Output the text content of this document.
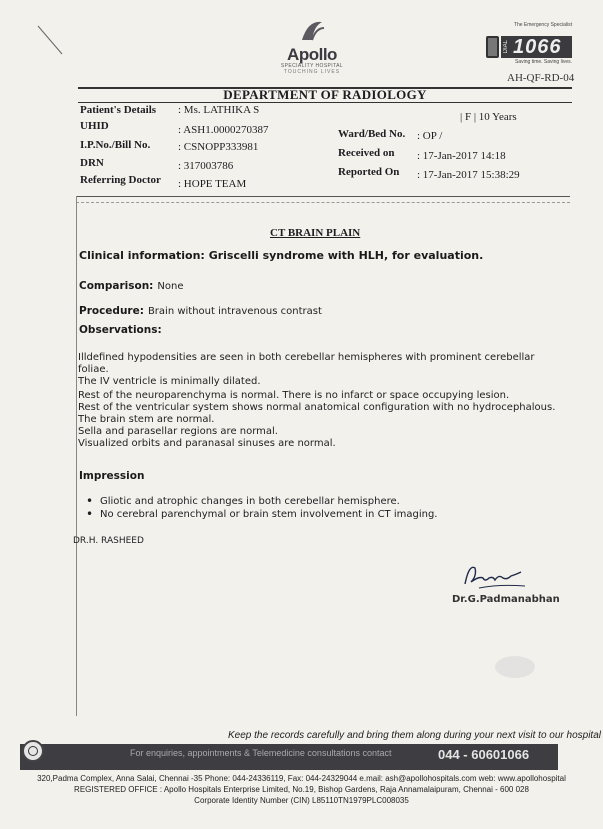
Apollo
SPECIALITY HOSPITAL
TOUCHING LIVES
The Emergency Specialist
DIAL 1066
Saving time. Saving lives.
AH-QF-RD-04
DEPARTMENT OF RADIOLOGY
Patient's Details : Ms. LATHIKA S
UHID	: ASH1.0000270387
I.P.No./Bill No.	: CSNOPP333981
DRN	: 317003786
Referring Doctor : HOPE TEAM
| F | 10 Years
Ward/Bed No. : OP /
Received on : 17-Jan-2017 14:18
Reported On : 17-Jan-2017 15:38:29
CT BRAIN PLAIN
Clinical information: Griscelli syndrome with HLH, for evaluation.
Comparison: None
Procedure: Brain without intravenous contrast
Observations:
Illdefined hypodensities are seen in both cerebellar hemispheres with prominent cerebellar foliae.
The IV ventricle is minimally dilated.
Rest of the neuroparenchyma is normal. There is no infarct or space occupying lesion.
Rest of the ventricular system shows normal anatomical configuration with no hydrocephalous.
The brain stem are normal.
Sella and parasellar regions are normal.
Visualized orbits and paranasal sinuses are normal.
Impression
• Gliotic and atrophic changes in both cerebellar hemisphere.
• No cerebral parenchymal or brain stem involvement in CT imaging.
DR.H. RASHEED
Dr.G.Padmanabhan
Keep the records carefully and bring them along during your next visit to our hospital
For enquiries, appointments & Telemedicine consultations contact	044 - 60601066
320,Padma Complex, Anna Salai, Chennai -35 Phone: 044-24336119, Fax: 044-24329044 e.mail: ash@apollohospitals.com web: www.apollohospital
REGISTERED OFFICE : Apollo Hospitals Enterprise Limited, No.19, Bishop Gardens, Raja Annamalaipuram, Chennai - 600 028
Corporate Identity Number (CIN) L85110TN1979PLC008035
